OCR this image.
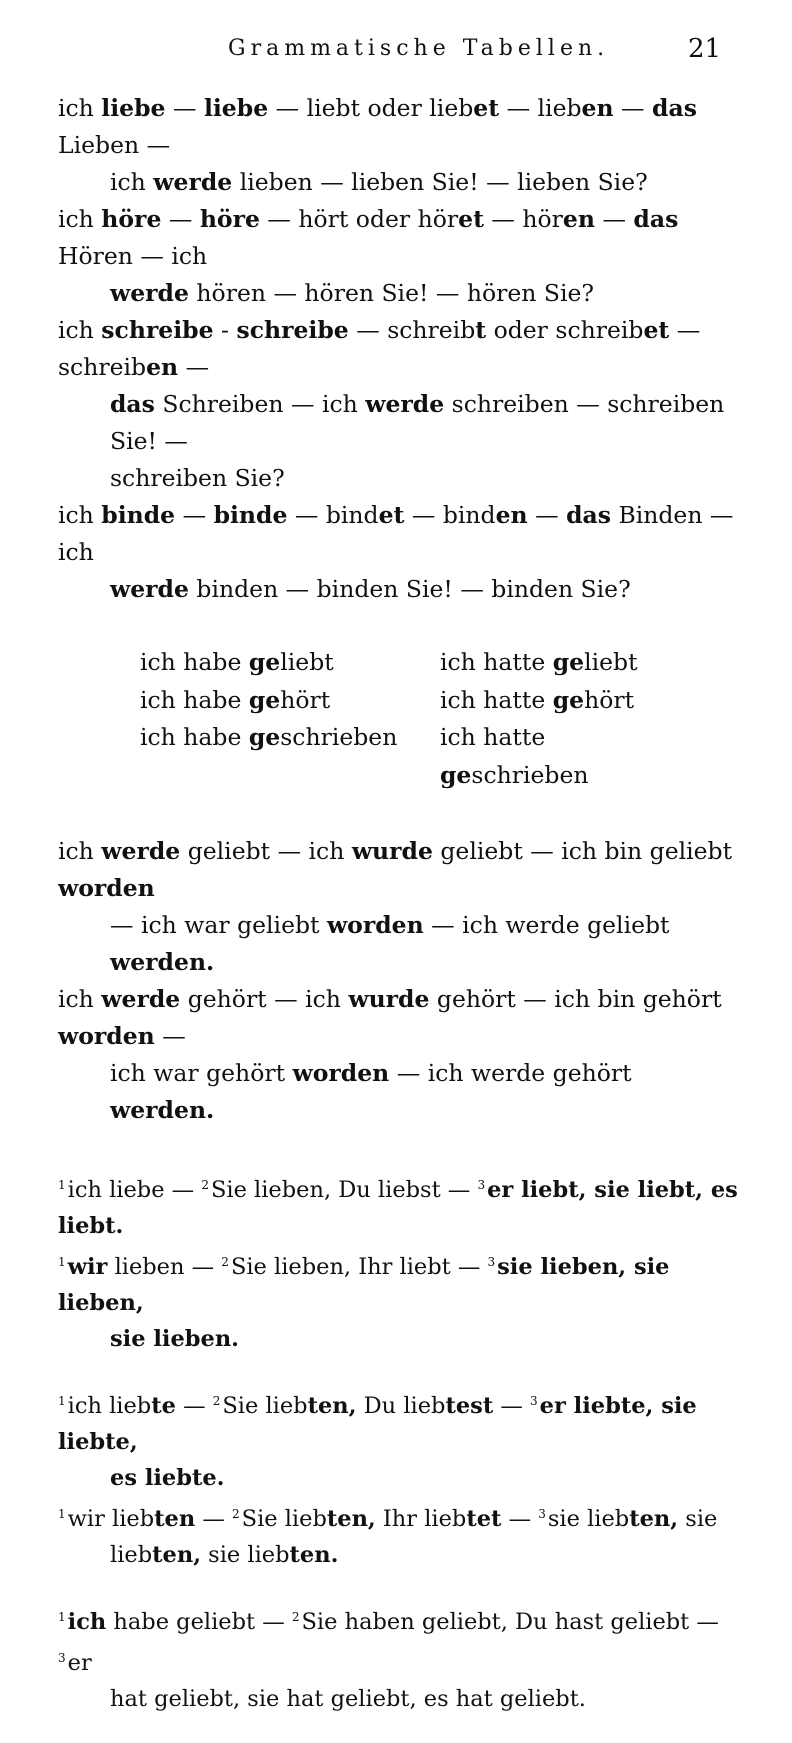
Grammatische Tabellen.	21
ich liebe — liebe — liebt oder liebet — lieben — das Lieben —
ich werde lieben — lieben Sie! — lieben Sie?
ich höre — höre — hört oder höret — hören — das Hören — ich
werde hören — hören Sie! — hören Sie?
ich schreibe - schreibe — schreibt oder schreibet — schreiben —
das Schreiben — ich werde schreiben — schreiben Sie! —
schreiben Sie?
ich binde — binde — bindet — binden — das Binden — ich
werde binden — binden Sie! — binden Sie?
ich habe geliebt	ich hatte geliebt
ich habe gehört	ich hatte gehört
ich habe geschrieben	ich hatte geschrieben
ich werde geliebt — ich wurde geliebt — ich bin geliebt worden
— ich war geliebt worden — ich werde geliebt werden.
ich werde gehört — ich wurde gehört — ich bin gehört worden —
ich war gehört worden — ich werde gehört werden.
$^1$ich liebe — $^2$Sie lieben, Du liebst — $^3$er liebt, sie liebt, es liebt.
$^1$wir lieben — $^2$Sie lieben, Ihr liebt — $^3$sie lieben, sie lieben,
sie lieben.
$^1$ich liebte — $^2$Sie liebten, Du liebtest — $^3$er liebte, sie liebte,
es liebte.
$^1$wir liebten — $^2$Sie liebten, Ihr liebtet — $^3$sie liebten, sie
liebten, sie liebten.
$^1$ich habe geliebt — $^2$Sie haben geliebt, Du hast geliebt — $^3$er
hat geliebt, sie hat geliebt, es hat geliebt.
